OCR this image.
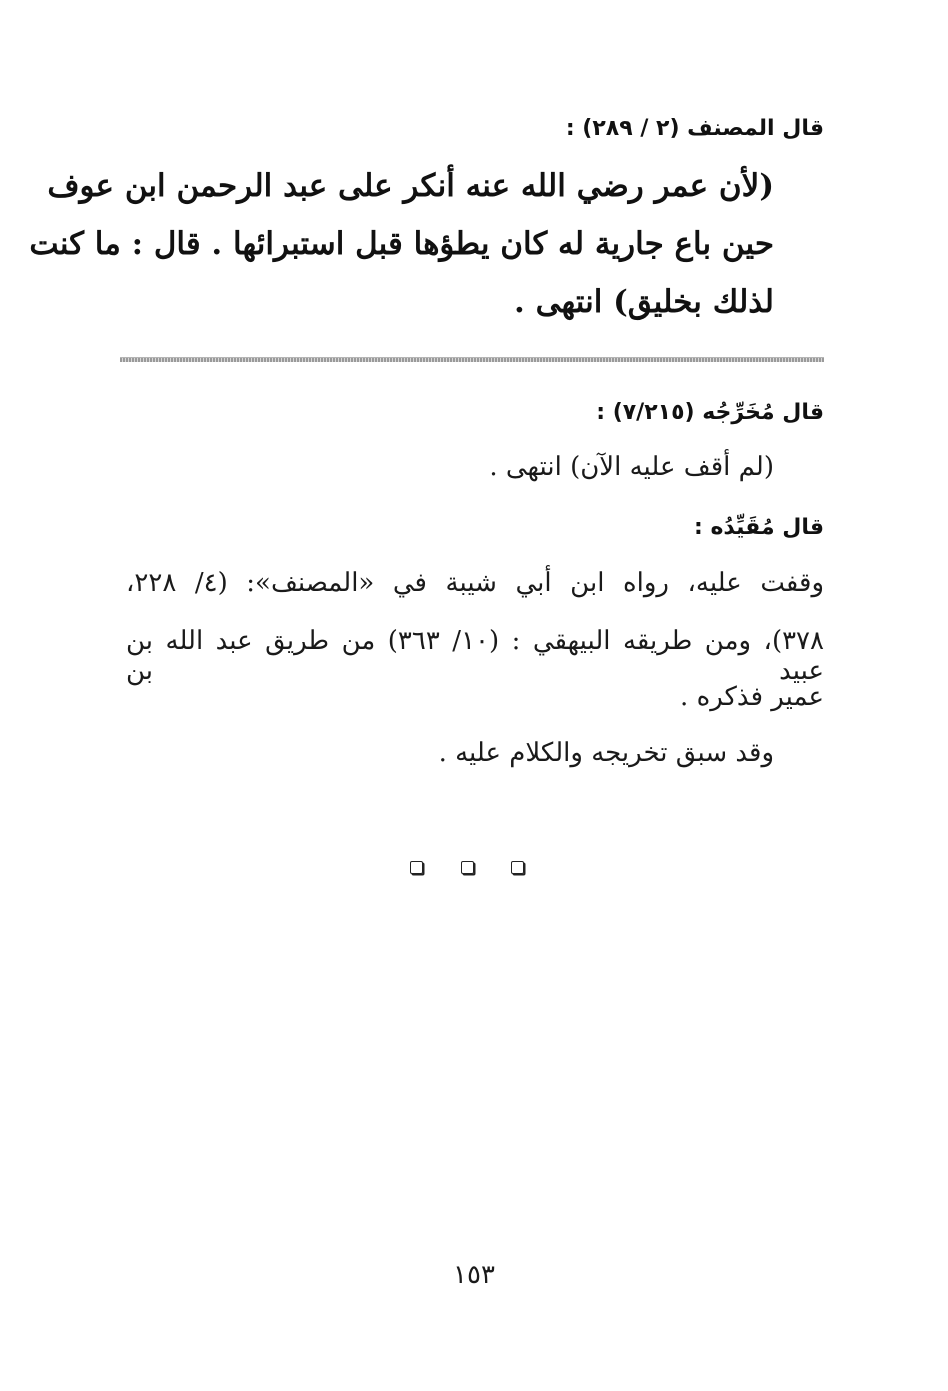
قال المصنف (٢ / ٢٨٩) :
(لأن عمر رضي الله عنه أنكر على عبد الرحمن ابن عوف
حين باع جارية له كان يطؤها قبل استبرائها . قال : ما كنت
لذلك بخليق) انتهى .
قال مُخَرِّجُه (٧/٢١٥) :
(لم أقف عليه الآن) انتهى .
قال مُقَيِّدُه :
وقفت عليه، رواه ابن أبي شيبة في «المصنف»: (٤/ ٢٢٨،
٣٧٨)، ومن طريقه البيهقي : (١٠/ ٣٦٣) من طريق عبد الله بن عبيد بن
عمير فذكره .
وقد سبق تخريجه والكلام عليه .
١٥٣
